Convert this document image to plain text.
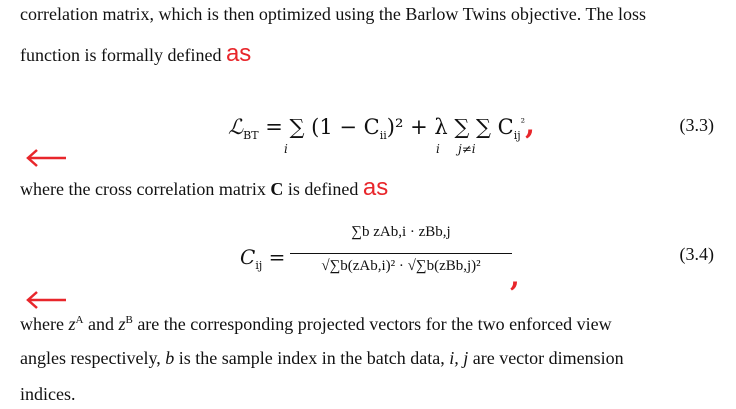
correlation matrix, which is then optimized using the Barlow Twins objective. The loss
function is formally defined as
ℒ$_{BT}$ = ∑ $(1 - C_{ii})^2 + \lambda$ ∑ ∑ $C_{ij}^{^2}$,
i	i j≠i
(3.3)
where the cross correlation matrix C is defined as
$C_{ij}$ =
∑b zAb,i · zBb,j
√∑b(zAb,i)² · √∑b(zBb,j)²	,
(3.4)
where $z^A$ and $z^B$ are the corresponding projected vectors for the two enforced view
angles respectively, b is the sample index in the batch data, i, j are vector dimension
indices.
